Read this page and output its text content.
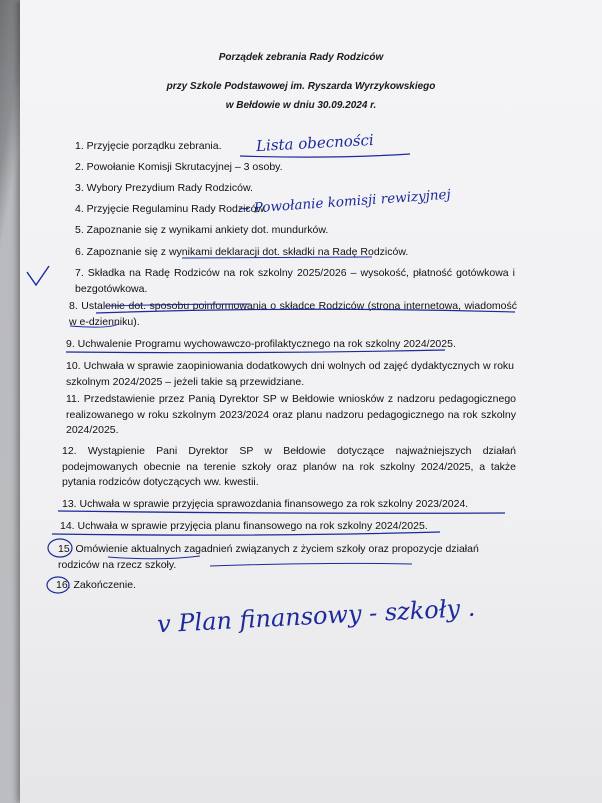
Porządek zebrania Rady Rodziców
przy Szkole Podstawowej im. Ryszarda Wyrzykowskiego
w Bełdowie w dniu 30.09.2024 r.
1. Przyjęcie porządku zebrania.
2. Powołanie Komisji Skrutacyjnej – 3 osoby.
3. Wybory Prezydium Rady Rodziców.
4. Przyjęcie Regulaminu Rady Rodziców.
5. Zapoznanie się z wynikami ankiety dot. mundurków.
6. Zapoznanie się z wynikami deklaracji dot. składki na Radę Rodziców.
7. Składka na Radę Rodziców na rok szkolny 2025/2026 – wysokość, płatność gotówkowa i bezgotówkowa.
8. Ustalenie dot. sposobu poinformowania o składce Rodziców (strona internetowa, wiadomość w e-dzienniku).
9. Uchwalenie Programu wychowawczo-profilaktycznego na rok szkolny 2024/2025.
10. Uchwała w sprawie zaopiniowania dodatkowych dni wolnych od zajęć dydaktycznych w roku szkolnym 2024/2025 – jeżeli takie są przewidziane.
11. Przedstawienie przez Panią Dyrektor SP w Bełdowie wniosków z nadzoru pedagogicznego realizowanego w roku szkolnym 2023/2024 oraz planu nadzoru pedagogicznego na rok szkolny 2024/2025.
12. Wystąpienie Pani Dyrektor SP w Bełdowie dotyczące najważniejszych działań podejmowanych obecnie na terenie szkoły oraz planów na rok szkolny 2024/2025, a także pytania rodziców dotyczących ww. kwestii.
13. Uchwała w sprawie przyjęcia sprawozdania finansowego za rok szkolny 2023/2024.
14. Uchwała w sprawie przyjęcia planu finansowego na rok szkolny 2024/2025.
15. Omówienie aktualnych zagadnień związanych z życiem szkoły oraz propozycje działań rodziców na rzecz szkoły.
16. Zakończenie.
Lista obecności
→ Powołanie komisji rewizyjnej
v Plan finansowy - szkoły .
